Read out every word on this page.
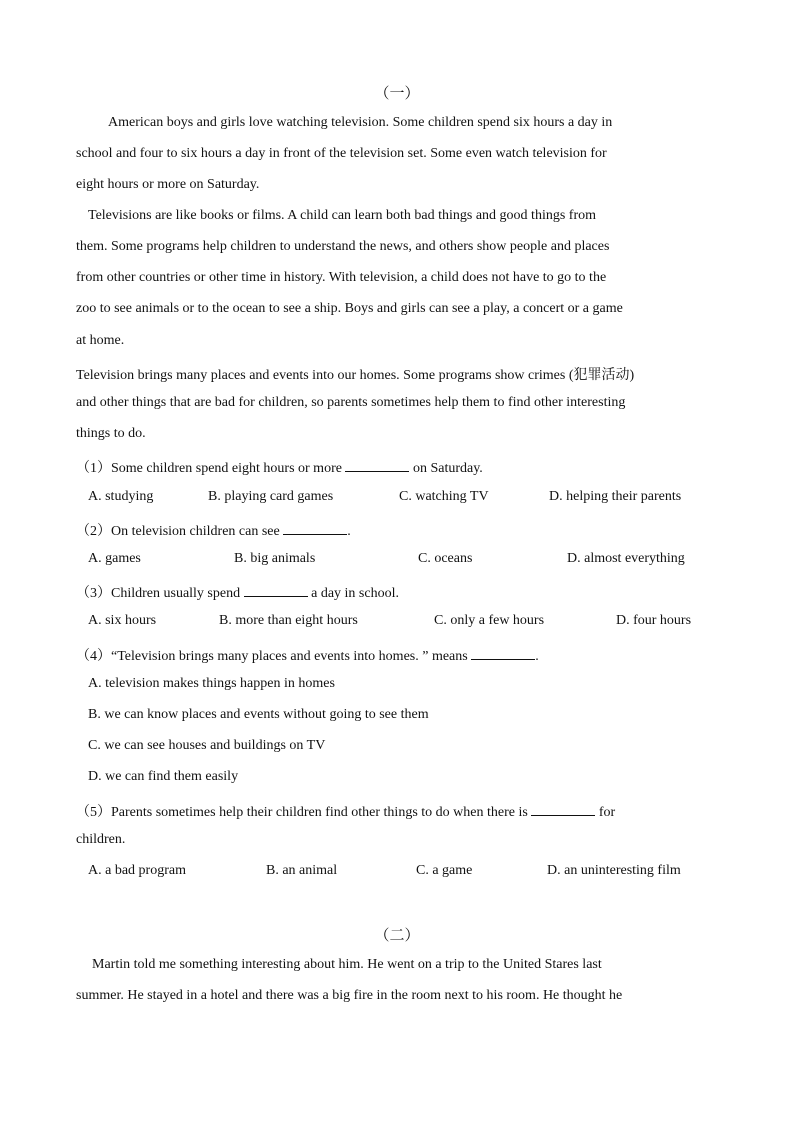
（一）
American boys and girls love watching television. Some children spend six hours a day in
school and four to six hours a day in front of the television set. Some even watch television for
eight hours or more on Saturday.
Televisions are like books or films. A child can learn both bad things and good things from
them. Some programs help children to understand the news, and others show people and places
from other countries or other time in history. With television, a child does not have to go to the
zoo to see animals or to the ocean to see a ship. Boys and girls can see a play, a concert or a game
at home.
Television brings many places and events into our homes. Some programs show crimes (犯罪活动)
and other things that are bad for children, so parents sometimes help them to find other interesting
things to do.
（1）Some children spend eight hours or more	on Saturday.
A. studying	B. playing card games	C. watching TV	D. helping their parents
（2）On television children can see	.
A. games	B. big animals	C. oceans	D. almost everything
（3）Children usually spend	a day in school.
A. six hours	B. more than eight hours	C. only a few hours	D. four hours
（4）“Television brings many places and events into homes. ” means	.
A. television makes things happen in homes
B. we can know places and events without going to see them
C. we can see houses and buildings on TV
D. we can find them easily
（5）Parents sometimes help their children find other things to do when there is	for
children.
A. a bad program	B. an animal	C. a game	D. an uninteresting film
（二）
Martin told me something interesting about him. He went on a trip to the United Stares last
summer. He stayed in a hotel and there was a big fire in the room next to his room. He thought he
